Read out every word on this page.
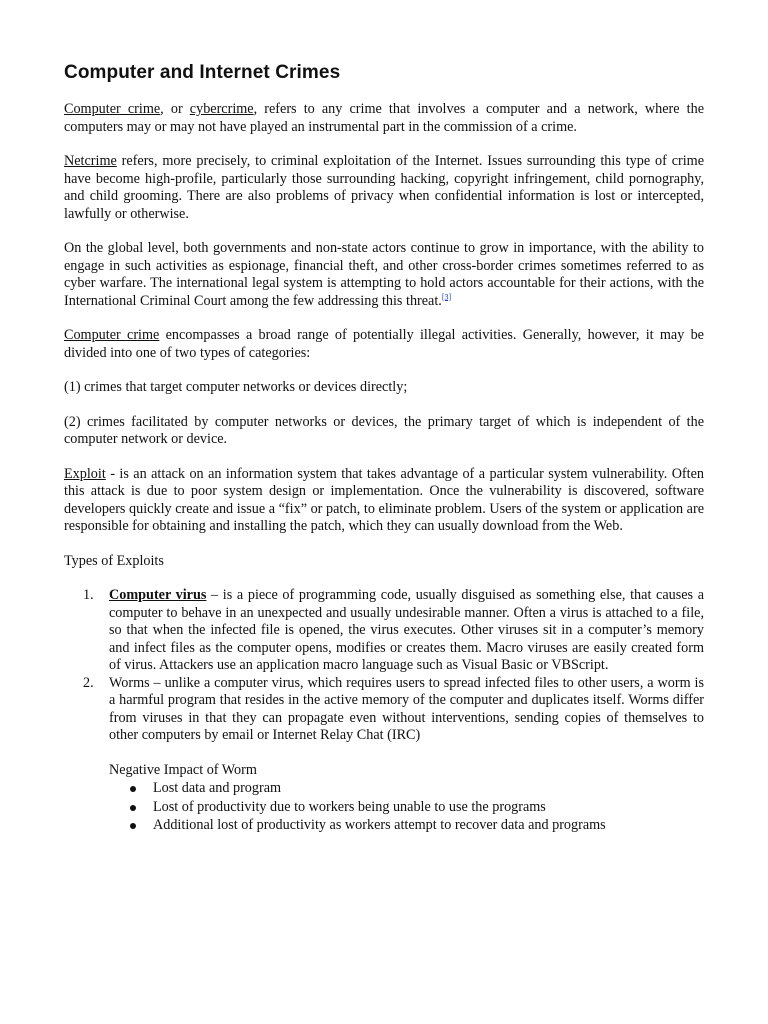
Computer and Internet Crimes

Computer crime, or cybercrime, refers to any crime that involves a computer and a network, where the computers may or may not have played an instrumental part in the commission of a crime.

Netcrime refers, more precisely, to criminal exploitation of the Internet. Issues surrounding this type of crime have become high-profile, particularly those surrounding hacking, copyright infringement, child pornography, and child grooming. There are also problems of privacy when confidential information is lost or intercepted, lawfully or otherwise.

On the global level, both governments and non-state actors continue to grow in importance, with the ability to engage in such activities as espionage, financial theft, and other cross-border crimes sometimes referred to as cyber warfare. The international legal system is attempting to hold actors accountable for their actions, with the International Criminal Court among the few addressing this threat.[3]

Computer crime encompasses a broad range of potentially illegal activities. Generally, however, it may be divided into one of two types of categories:

(1) crimes that target computer networks or devices directly;

(2) crimes facilitated by computer networks or devices, the primary target of which is independent of the computer network or device.

Exploit - is an attack on an information system that takes advantage of a particular system vulnerability. Often this attack is due to poor system design or implementation. Once the vulnerability is discovered, software developers quickly create and issue a “fix” or patch, to eliminate problem. Users of the system or application are responsible for obtaining and installing the patch, which they can usually download from the Web.

Types of Exploits

1. Computer virus – is a piece of programming code, usually disguised as something else, that causes a computer to behave in an unexpected and usually undesirable manner. Often a virus is attached to a file, so that when the infected file is opened, the virus executes. Other viruses sit in a computer’s memory and infect files as the computer opens, modifies or creates them. Macro viruses are easily created form of virus. Attackers use an application macro language such as Visual Basic or VBScript.
2. Worms – unlike a computer virus, which requires users to spread infected files to other users, a worm is a harmful program that resides in the active memory of the computer and duplicates itself. Worms differ from viruses in that they can propagate even without interventions, sending copies of themselves to other computers by email or Internet Relay Chat (IRC)
Negative Impact of Worm
Lost data and program
Lost of productivity due to workers being unable to use the programs
Additional lost of productivity as workers attempt to recover data and programs
